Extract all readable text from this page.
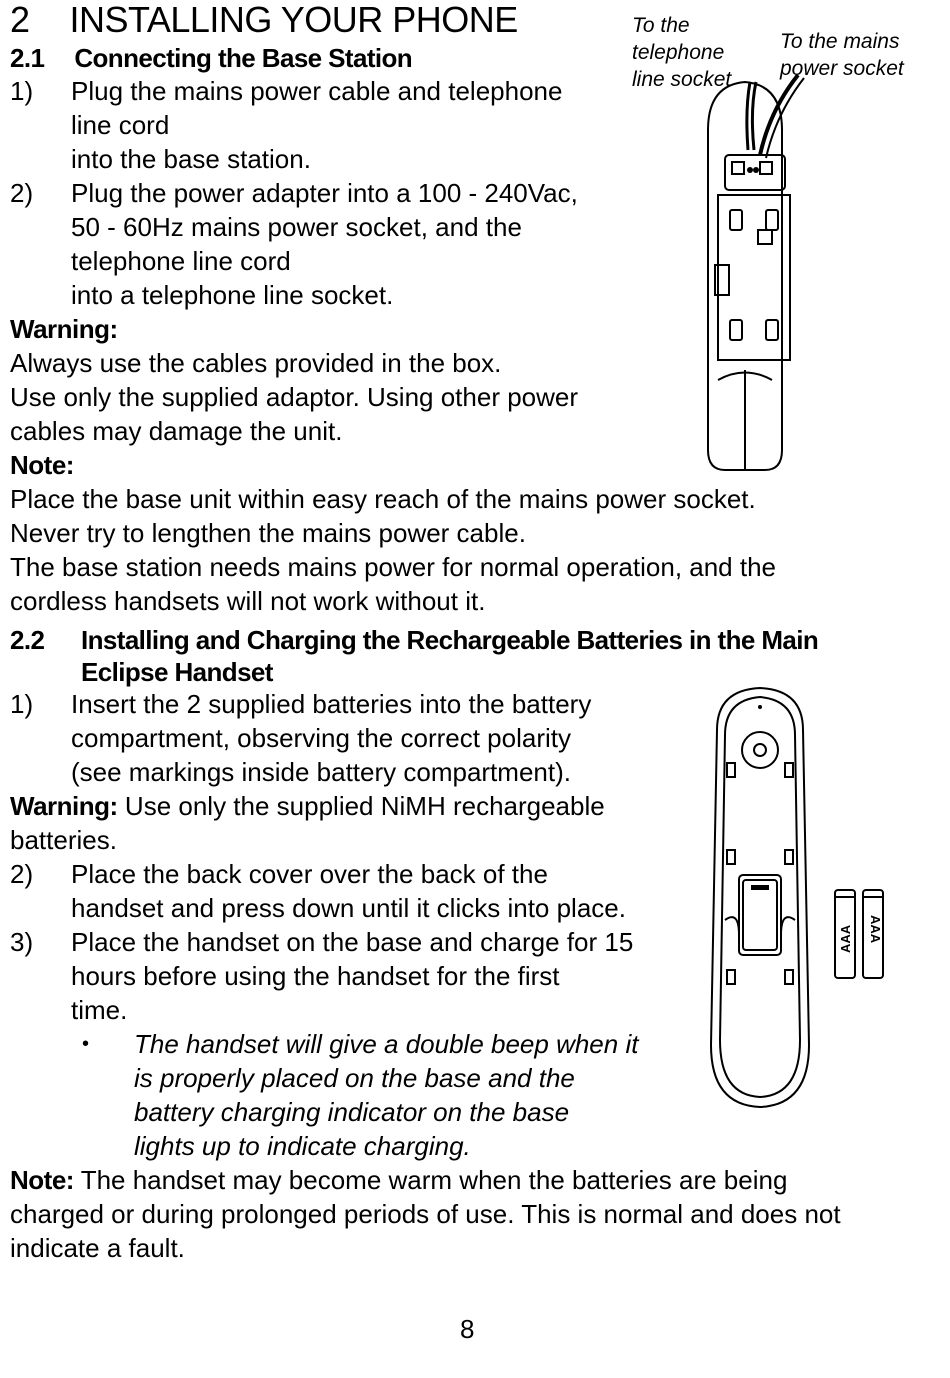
2 INSTALLING YOUR PHONE
2.1 Connecting the Base Station
1) Plug the mains power cable and telephone
line cord
into the base station.
2) Plug the power adapter into a 100 - 240Vac,
50 - 60Hz mains power socket, and the
telephone line cord
into a telephone line socket.
Warning:
Always use the cables provided in the box.
Use only the supplied adaptor. Using other power
cables may damage the unit.
Note:
Place the base unit within easy reach of the mains power socket.
Never try to lengthen the mains power cable.
The base station needs mains power for normal operation, and the
cordless handsets will not work without it.
To the
telephone
line socket
To the mains
power socket
2.2 Installing and Charging the Rechargeable Batteries in the Main
Eclipse Handset
1) Insert the 2 supplied batteries into the battery
compartment, observing the correct polarity
(see markings inside battery compartment).
Warning: Use only the supplied NiMH rechargeable
batteries.
2) Place the back cover over the back of the
handset and press down until it clicks into place.
3) Place the handset on the base and charge for 15
hours before using the handset for the first
time.
• The handset will give a double beep when it
is properly placed on the base and the
battery charging indicator on the base
lights up to indicate charging.
Note: The handset may become warm when the batteries are being
charged or during prolonged periods of use. This is normal and does not
indicate a fault.
AAA AAA
8
